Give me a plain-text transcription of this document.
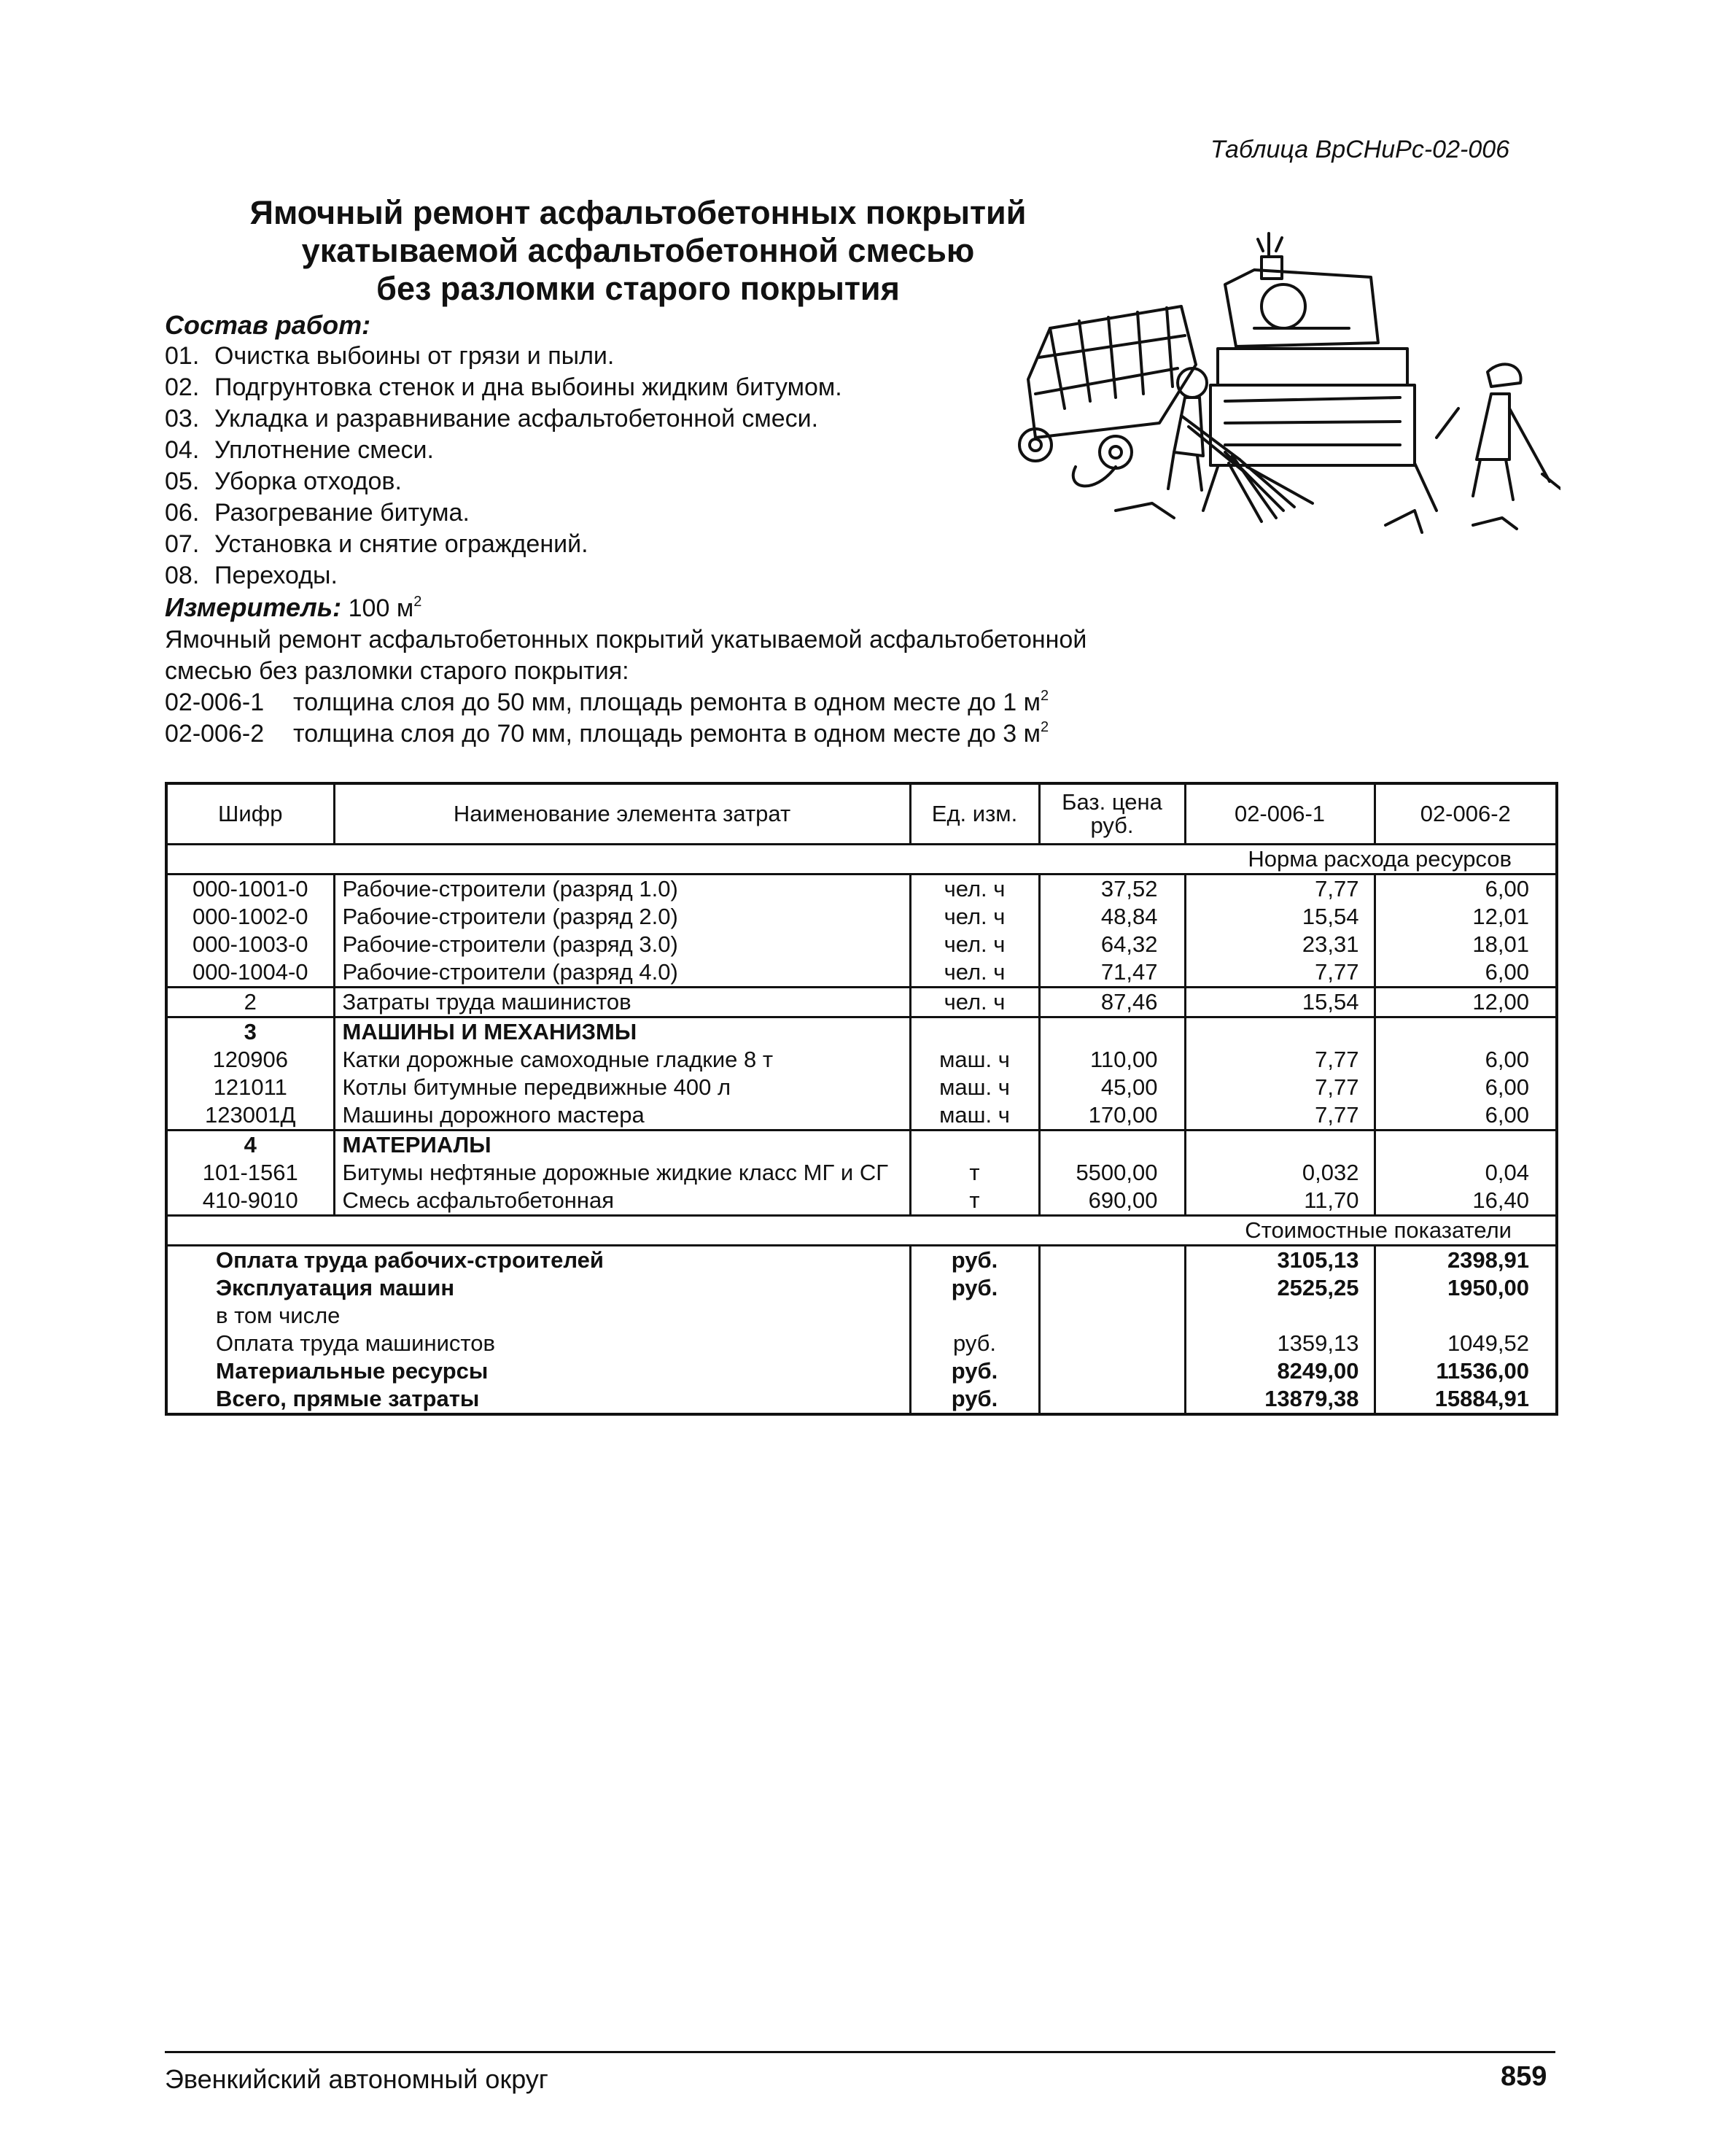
Таблица ВрСНиРс-02-006
Ямочный ремонт асфальтобетонных покрытий
укатываемой асфальтобетонной смесью
без разломки старого покрытия
Состав работ:
01. Очистка выбоины от грязи и пыли.
02. Подгрунтовка стенок и дна выбоины жидким битумом.
03. Укладка и разравнивание асфальтобетонной смеси.
04. Уплотнение смеси.
05. Уборка отходов.
06. Разогревание битума.
07. Установка и снятие ограждений.
08. Переходы.
Измеритель: 100 $м^2$
Ямочный ремонт асфальтобетонных покрытий укатываемой асфальтобетонной
смесью без разломки старого покрытия:
02-006-1 толщина слоя до 50 мм, площадь ремонта в одном месте до 1 $м^2$
02-006-2 толщина слоя до 70 мм, площадь ремонта в одном месте до 3 $м^2$
Шифр	Наименование элемента затрат	Ед. изм.	Баз. цена руб.	02-006-1	02-006-2
Норма расхода ресурсов					
000-1001-0	Рабочие-строители (разряд 1.0)	чел. ч	37,52	7,77	6,00
000-1002-0	Рабочие-строители (разряд 2.0)	чел. ч	48,84	15,54	12,01
000-1003-0	Рабочие-строители (разряд 3.0)	чел. ч	64,32	23,31	18,01
000-1004-0	Рабочие-строители (разряд 4.0)	чел. ч	71,47	7,77	6,00
2	Затраты труда машинистов	чел. ч	87,46	15,54	12,00
3	МАШИНЫ И МЕХАНИЗМЫ				
120906	Катки дорожные самоходные гладкие 8 т	маш. ч	110,00	7,77	6,00
121011	Котлы битумные передвижные 400 л	маш. ч	45,00	7,77	6,00
123001Д	Машины дорожного мастера	маш. ч	170,00	7,77	6,00
4	МАТЕРИАЛЫ				
101-1561	Битумы нефтяные дорожные жидкие класс МГ и СГ	т	5500,00	0,032	0,04
410-9010	Смесь асфальтобетонная	т	690,00	11,70	16,40
Стоимостные показатели					
Оплата труда рабочих-строителей		руб.		3105,13	2398,91
Эксплуатация машин		руб.		2525,25	1950,00
в том числе					
Оплата труда машинистов		руб.		1359,13	1049,52
Материальные ресурсы		руб.		8249,00	11536,00
Всего, прямые затраты		руб.		13879,38	15884,91
Эвенкийский автономный округ	859
